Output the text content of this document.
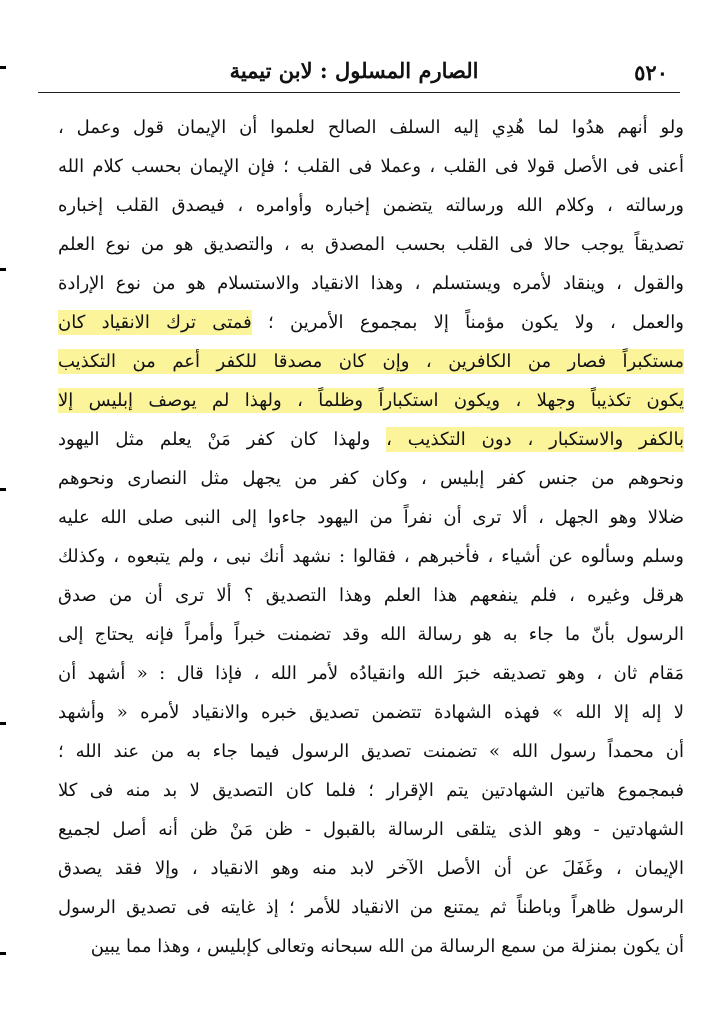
٥٢٠
الصارم المسلول : لابن تيمية
ولو أنهم هدُوا لما هُدِي إليه السلف الصالح لعلموا أن الإيمان قول وعمل ،
أعنى فى الأصل قولا فى القلب ، وعملا فى القلب ؛ فإن الإيمان بحسب كلام الله
ورسالته ، وكلام الله ورسالته يتضمن إخباره وأوامره ، فيصدق القلب إخباره
تصديقاً يوجب حالا فى القلب بحسب المصدق به ، والتصديق هو من نوع العلم
والقول ، وينقاد لأمره ويستسلم ، وهذا الانقياد والاستسلام هو من نوع الإرادة
والعمل ، ولا يكون مؤمناً إلا بمجموع الأمرين ؛ فمتى ترك الانقياد كان
مستكبراً فصار من الكافرين ، وإن كان مصدقا للكفر أعم من التكذيب
يكون تكذيباً وجهلا ، ويكون استكباراً وظلماً ، ولهذا لم يوصف إبليس إلا
بالكفر والاستكبار ، دون التكذيب ، ولهذا كان كفر مَنْ يعلم مثل اليهود
ونحوهم من جنس كفر إبليس ، وكان كفر من يجهل مثل النصارى ونحوهم
ضلالا وهو الجهل ، ألا ترى أن نفراً من اليهود جاءوا إلى النبى صلى الله عليه
وسلم وسألوه عن أشياء ، فأخبرهم ، فقالوا : نشهد أنك نبى ، ولم يتبعوه ، وكذلك
هرقل وغيره ، فلم ينفعهم هذا العلم وهذا التصديق ؟ ألا ترى أن من صدق
الرسول بأنّ ما جاء به هو رسالة الله وقد تضمنت خبراً وأمراً فإنه يحتاج إلى
مَقام ثان ، وهو تصديقه خبرَ الله وانقيادُه لأمر الله ، فإذا قال : « أشهد أن
لا إله إلا الله » فهذه الشهادة تتضمن تصديق خبره والانقياد لأمره « وأشهد
أن محمداً رسول الله » تضمنت تصديق الرسول فيما جاء به من عند الله ؛
فبمجموع هاتين الشهادتين يتم الإقرار ؛ فلما كان التصديق لا بد منه فى كلا
الشهادتين - وهو الذى يتلقى الرسالة بالقبول - ظن مَنْ ظن أنه أصل لجميع
الإيمان ، وغَفَلَ عن أن الأصل الآخر لابد منه وهو الانقياد ، وإلا فقد يصدق
الرسول ظاهراً وباطناً ثم يمتنع من الانقياد للأمر ؛ إذ غايته فى تصديق الرسول
أن يكون بمنزلة من سمع الرسالة من الله سبحانه وتعالى كإبليس ، وهذا مما يبين
